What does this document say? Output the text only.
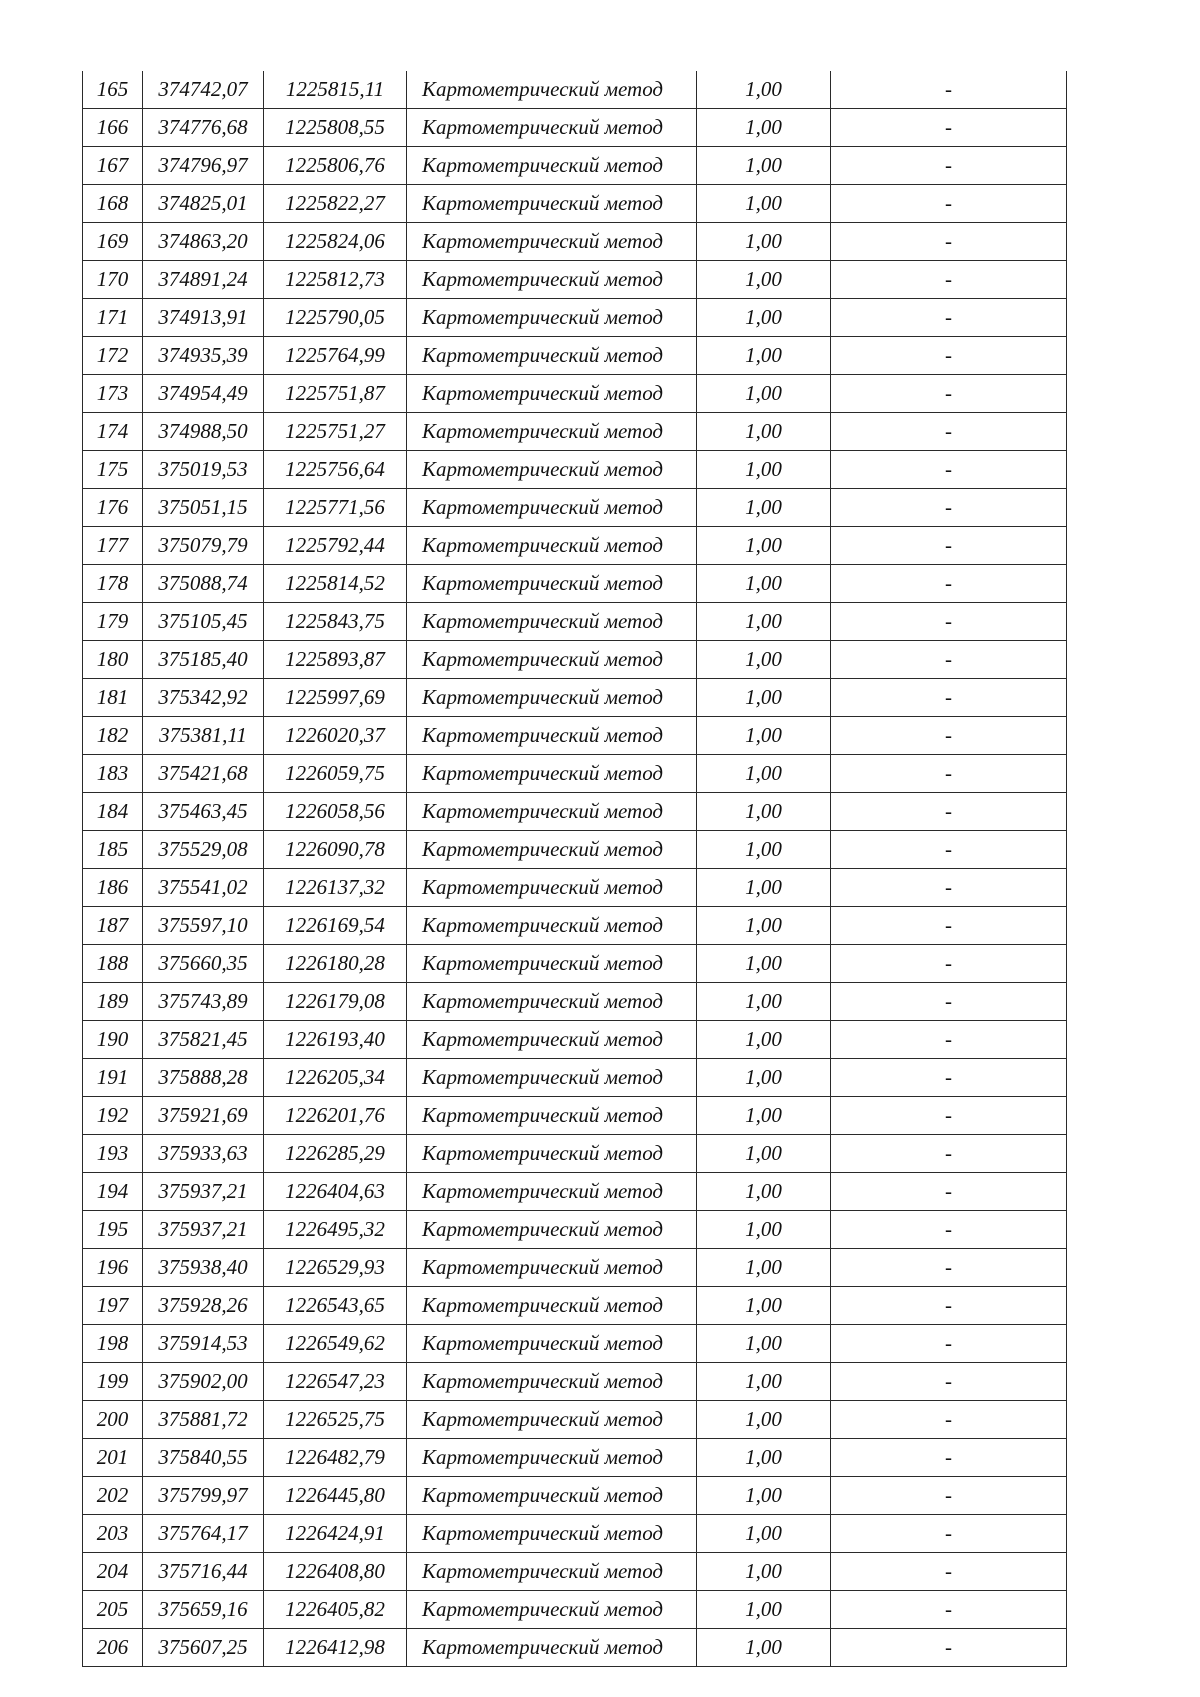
165	374742,07	1225815,11	Картометрический метод	1,00	-
166	374776,68	1225808,55	Картометрический метод	1,00	-
167	374796,97	1225806,76	Картометрический метод	1,00	-
168	374825,01	1225822,27	Картометрический метод	1,00	-
169	374863,20	1225824,06	Картометрический метод	1,00	-
170	374891,24	1225812,73	Картометрический метод	1,00	-
171	374913,91	1225790,05	Картометрический метод	1,00	-
172	374935,39	1225764,99	Картометрический метод	1,00	-
173	374954,49	1225751,87	Картометрический метод	1,00	-
174	374988,50	1225751,27	Картометрический метод	1,00	-
175	375019,53	1225756,64	Картометрический метод	1,00	-
176	375051,15	1225771,56	Картометрический метод	1,00	-
177	375079,79	1225792,44	Картометрический метод	1,00	-
178	375088,74	1225814,52	Картометрический метод	1,00	-
179	375105,45	1225843,75	Картометрический метод	1,00	-
180	375185,40	1225893,87	Картометрический метод	1,00	-
181	375342,92	1225997,69	Картометрический метод	1,00	-
182	375381,11	1226020,37	Картометрический метод	1,00	-
183	375421,68	1226059,75	Картометрический метод	1,00	-
184	375463,45	1226058,56	Картометрический метод	1,00	-
185	375529,08	1226090,78	Картометрический метод	1,00	-
186	375541,02	1226137,32	Картометрический метод	1,00	-
187	375597,10	1226169,54	Картометрический метод	1,00	-
188	375660,35	1226180,28	Картометрический метод	1,00	-
189	375743,89	1226179,08	Картометрический метод	1,00	-
190	375821,45	1226193,40	Картометрический метод	1,00	-
191	375888,28	1226205,34	Картометрический метод	1,00	-
192	375921,69	1226201,76	Картометрический метод	1,00	-
193	375933,63	1226285,29	Картометрический метод	1,00	-
194	375937,21	1226404,63	Картометрический метод	1,00	-
195	375937,21	1226495,32	Картометрический метод	1,00	-
196	375938,40	1226529,93	Картометрический метод	1,00	-
197	375928,26	1226543,65	Картометрический метод	1,00	-
198	375914,53	1226549,62	Картометрический метод	1,00	-
199	375902,00	1226547,23	Картометрический метод	1,00	-
200	375881,72	1226525,75	Картометрический метод	1,00	-
201	375840,55	1226482,79	Картометрический метод	1,00	-
202	375799,97	1226445,80	Картометрический метод	1,00	-
203	375764,17	1226424,91	Картометрический метод	1,00	-
204	375716,44	1226408,80	Картометрический метод	1,00	-
205	375659,16	1226405,82	Картометрический метод	1,00	-
206	375607,25	1226412,98	Картометрический метод	1,00	-
